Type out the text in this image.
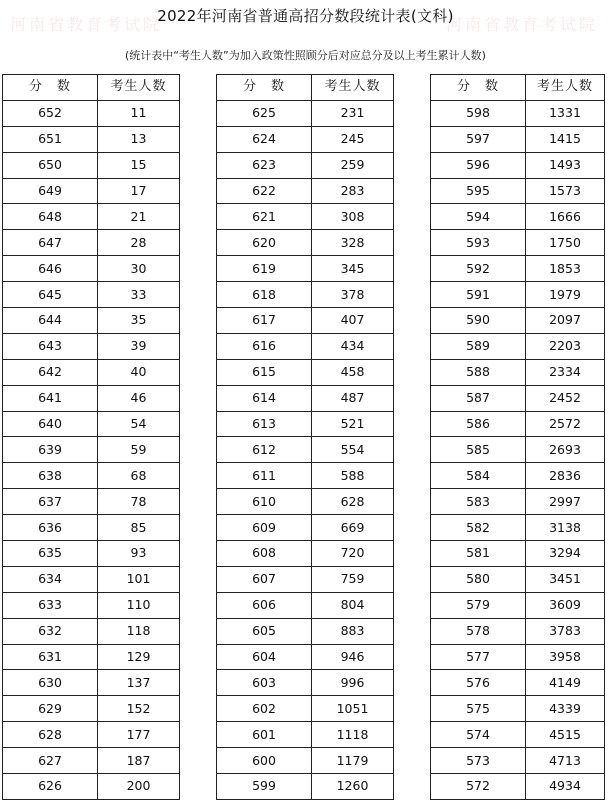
河南省教育考试院	河南省教育考试院
2022年河南省普通高招分数段统计表(文科)
(统计表中“考生人数”为加入政策性照顾分后对应总分及以上考生累计人数)
分　数	考生人数
652	11
651	13
650	15
649	17
648	21
647	28
646	30
645	33
644	35
643	39
642	40
641	46
640	54
639	59
638	68
637	78
636	85
635	93
634	101
633	110
632	118
631	129
630	137
629	152
628	177
627	187
626	200
分　数	考生人数
625	231
624	245
623	259
622	283
621	308
620	328
619	345
618	378
617	407
616	434
615	458
614	487
613	521
612	554
611	588
610	628
609	669
608	720
607	759
606	804
605	883
604	946
603	996
602	1051
601	1118
600	1179
599	1260
分　数	考生人数
598	1331
597	1415
596	1493
595	1573
594	1666
593	1750
592	1853
591	1979
590	2097
589	2203
588	2334
587	2452
586	2572
585	2693
584	2836
583	2997
582	3138
581	3294
580	3451
579	3609
578	3783
577	3958
576	4149
575	4339
574	4515
573	4713
572	4934
